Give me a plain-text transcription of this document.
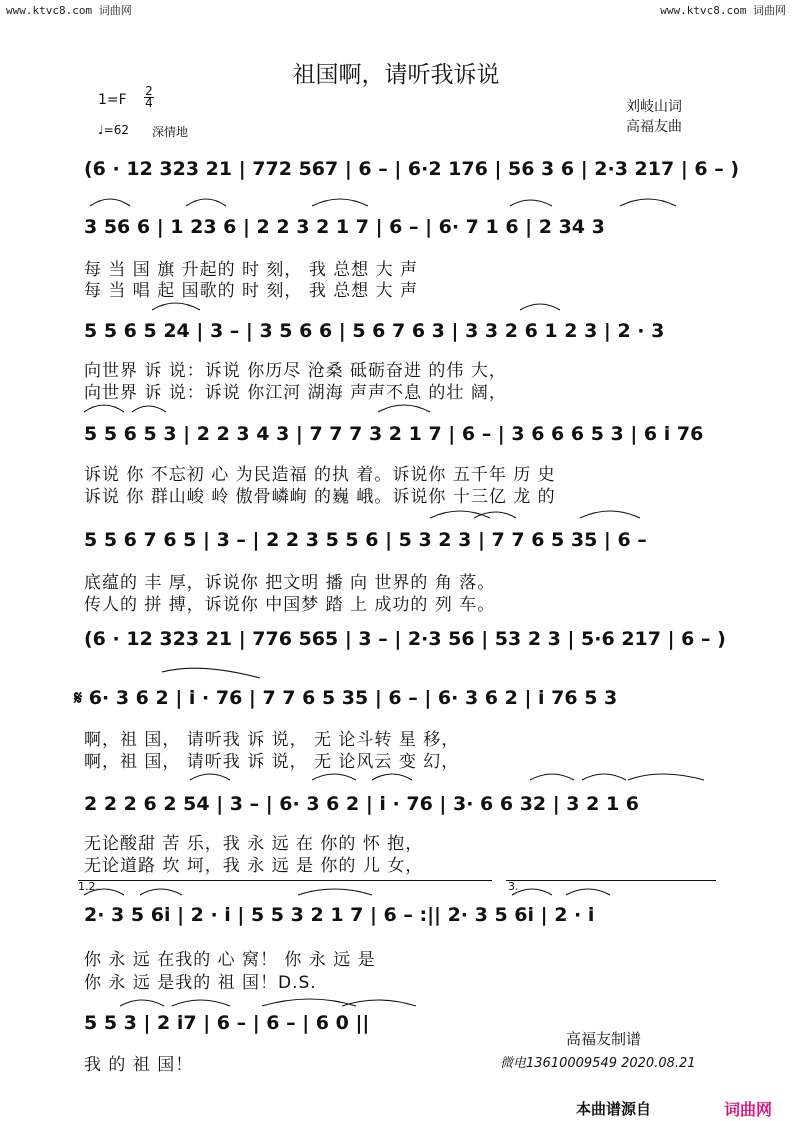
www.ktvc8.com 词曲网	www.ktvc8.com 词曲网
祖国啊，请听我诉说
$1=F \frac{2}{4}$
♩=62 深情地
刘岐山词
高福友曲
(6 · 12 323 21 | 772 567 | 6 – | 6·2 176 | 56 3 6 | 2·3 217 | 6 – )
3 56 6 | 1 23 6 | 2 2 3 2 1 7 | 6 – | 6· 7 1 6 | 2 34 3
每 当 国 旗 升起的 时 刻， 我 总想 大 声
每 当 唱 起 国歌的 时 刻， 我 总想 大 声
5 5 6 5 24 | 3 – | 3 5 6 6 | 5 6 7 6 3 | 3 3 2 6 1 2 3 | 2 · 3
向世界 诉 说：诉说 你历尽 沧桑 砥砺奋进 的伟 大，
向世界 诉 说：诉说 你江河 湖海 声声不息 的壮 阔，
5 5 6 5 3 | 2 2 3 4 3 | 7 7 7 3 2 1 7 | 6 – | 3 6 6 6 5 3 | 6 i 76
诉说 你 不忘初 心 为民造福 的执 着。诉说你 五千年 历 史
诉说 你 群山峻 岭 傲骨嶙峋 的巍 峨。诉说你 十三亿 龙 的
5 5 6 7 6 5 | 3 – | 2 2 3 5 5 6 | 5 3 2 3 | 7 7 6 5 35 | 6 –
底蕴的 丰 厚，诉说你 把文明 播 向 世界的 角 落。
传人的 拼 搏，诉说你 中国梦 踏 上 成功的 列 车。
(6 · 12 323 21 | 776 565 | 3 – | 2·3 56 | 53 2 3 | 5·6 217 | 6 – )
𝄋 6· 3 6 2 | i · 76 | 7 7 6 5 35 | 6 – | 6· 3 6 2 | i 76 5 3
啊，祖 国， 请听我 诉 说， 无 论斗转 星 移，
啊，祖 国， 请听我 诉 说， 无 论风云 变 幻，
2 2 2 6 2 54 | 3 – | 6· 3 6 2 | i · 76 | 3· 6 6 32 | 3 2 1 6
无论酸甜 苦 乐，我 永 远 在 你的 怀 抱，
无论道路 坎 坷，我 永 远 是 你的 儿 女，
1.2.	3.
2· 3 5 6i | 2 · i | 5 5 3 2 1 7 | 6 – :|| 2· 3 5 6i | 2 · i
你 永 远 在我的 心 窝！ 你 永 远 是
你 永 远 是我的 祖 国！D.S.
5 5 3 | 2 i7 | 6 – | 6 – | 6 0 ||
我 的 祖 国！
高福友制谱
微电13610009549 2020.08.21
本曲谱源自	词曲网
